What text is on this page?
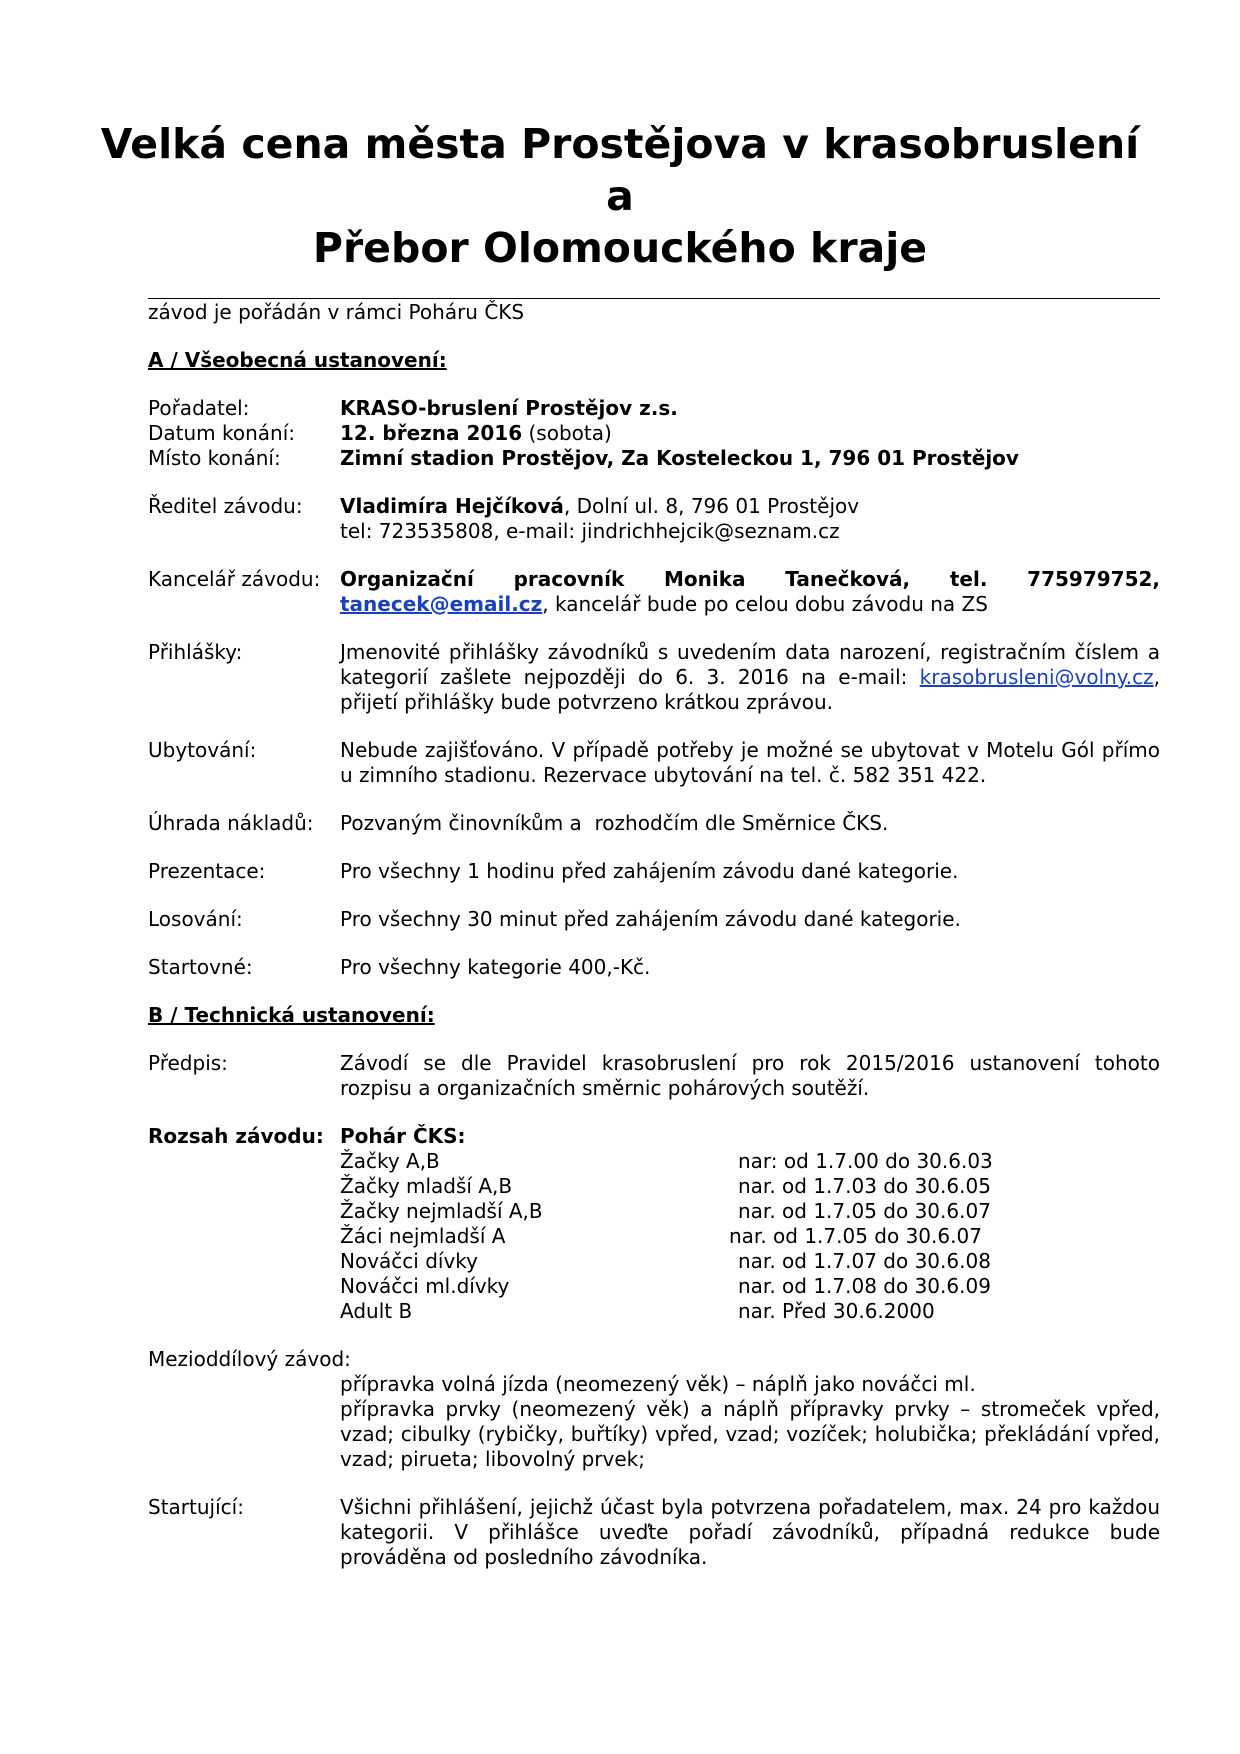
Velká cena města Prostějova v krasobruslení
a
Přebor Olomouckého kraje
závod je pořádán v rámci Poháru ČKS
A / Všeobecná ustanovení:
Pořadatel:	KRASO-bruslení Prostějov z.s.
Datum konání:	12. března 2016 (sobota)
Místo konání:	Zimní stadion Prostějov, Za Kosteleckou 1, 796 01 Prostějov
Ředitel závodu:	Vladimíra Hejčíková, Dolní ul. 8, 796 01 Prostějov
tel: 723535808, e-mail: jindrichhejcik@seznam.cz
Kancelář závodu: Organizační pracovník Monika Tanečková, tel. 775979752,
tanecek@email.cz, kancelář bude po celou dobu závodu na ZS
Přihlášky:	Jmenovité přihlášky závodníků s uvedením data narození, registračním číslem a kategorií zašlete nejpozději do 6. 3. 2016 na e-mail: krasobrusleni@volny.cz, přijetí přihlášky bude potvrzeno krátkou zprávou.
Ubytování:	Nebude zajišťováno. V případě potřeby je možné se ubytovat v Motelu Gól přímo u zimního stadionu. Rezervace ubytování na tel. č. 582 351 422.
Úhrada nákladů:	Pozvaným činovníkům a  rozhodčím dle Směrnice ČKS.
Prezentace:	Pro všechny 1 hodinu před zahájením závodu dané kategorie.
Losování:	Pro všechny 30 minut před zahájením závodu dané kategorie.
Startovné:	Pro všechny kategorie 400,-Kč.
B / Technická ustanovení:
Předpis:	Závodí se dle Pravidel krasobruslení pro rok 2015/2016 ustanovení tohoto rozpisu a organizačních směrnic pohárových soutěží.
Rozsah závodu: Pohár ČKS:
Žačky A,B	nar: od 1.7.00 do 30.6.03
Žačky mladší A,B	nar. od 1.7.03 do 30.6.05
Žačky nejmladší A,B	nar. od 1.7.05 do 30.6.07
Žáci nejmladší A	nar. od 1.7.05 do 30.6.07
Nováčci dívky	nar. od 1.7.07 do 30.6.08
Nováčci ml.dívky	nar. od 1.7.08 do 30.6.09
Adult B	nar. Před 30.6.2000
Mezioddílový závod:
přípravka volná jízda (neomezený věk) – náplň jako nováčci ml.
přípravka prvky (neomezený věk) a náplň přípravky prvky – stromeček vpřed, vzad; cibulky (rybičky, buřtíky) vpřed, vzad; vozíček; holubička; překládání vpřed, vzad; pirueta; libovolný prvek;
Startující:	Všichni přihlášení, jejichž účast byla potvrzena pořadatelem, max. 24 pro každou kategorii. V přihlášce uveďte pořadí závodníků, případná redukce bude prováděna od posledního závodníka.
